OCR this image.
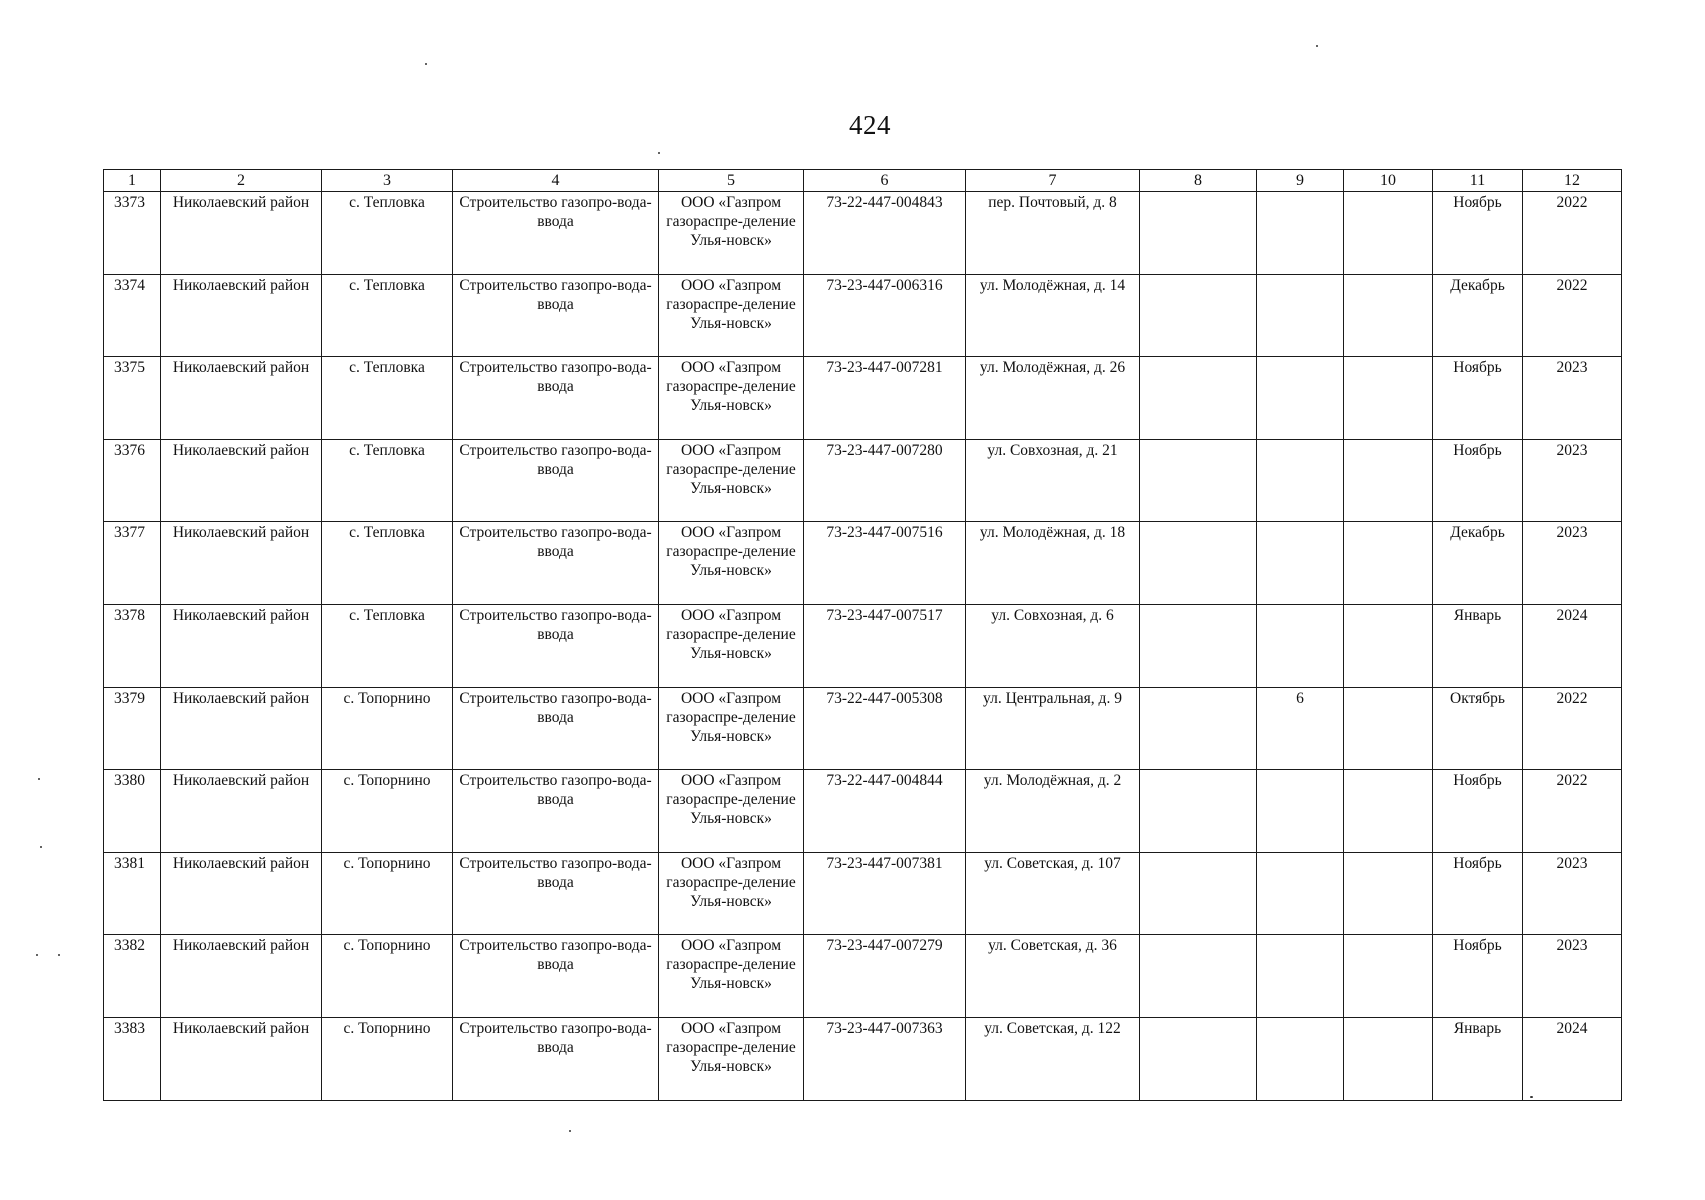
424
1	2	3	4	5	6	7	8	9	10	11	12
3373	Николаевский район	с. Тепловка	Строительство газопро-вода-ввода	ООО «Газпром газораспре-деление Улья-новск»	73-22-447-004843	пер. Почтовый, д. 8				Ноябрь	2022
3374	Николаевский район	с. Тепловка	Строительство газопро-вода-ввода	ООО «Газпром газораспре-деление Улья-новск»	73-23-447-006316	ул. Молодёжная, д. 14				Декабрь	2022
3375	Николаевский район	с. Тепловка	Строительство газопро-вода-ввода	ООО «Газпром газораспре-деление Улья-новск»	73-23-447-007281	ул. Молодёжная, д. 26				Ноябрь	2023
3376	Николаевский район	с. Тепловка	Строительство газопро-вода-ввода	ООО «Газпром газораспре-деление Улья-новск»	73-23-447-007280	ул. Совхозная, д. 21				Ноябрь	2023
3377	Николаевский район	с. Тепловка	Строительство газопро-вода-ввода	ООО «Газпром газораспре-деление Улья-новск»	73-23-447-007516	ул. Молодёжная, д. 18				Декабрь	2023
3378	Николаевский район	с. Тепловка	Строительство газопро-вода-ввода	ООО «Газпром газораспре-деление Улья-новск»	73-23-447-007517	ул. Совхозная, д. 6				Январь	2024
3379	Николаевский район	с. Топорнино	Строительство газопро-вода-ввода	ООО «Газпром газораспре-деление Улья-новск»	73-22-447-005308	ул. Центральная, д. 9		6		Октябрь	2022
3380	Николаевский район	с. Топорнино	Строительство газопро-вода-ввода	ООО «Газпром газораспре-деление Улья-новск»	73-22-447-004844	ул. Молодёжная, д. 2				Ноябрь	2022
3381	Николаевский район	с. Топорнино	Строительство газопро-вода-ввода	ООО «Газпром газораспре-деление Улья-новск»	73-23-447-007381	ул. Советская, д. 107				Ноябрь	2023
3382	Николаевский район	с. Топорнино	Строительство газопро-вода-ввода	ООО «Газпром газораспре-деление Улья-новск»	73-23-447-007279	ул. Советская, д. 36				Ноябрь	2023
3383	Николаевский район	с. Топорнино	Строительство газопро-вода-ввода	ООО «Газпром газораспре-деление Улья-новск»	73-23-447-007363	ул. Советская, д. 122				Январь	2024
